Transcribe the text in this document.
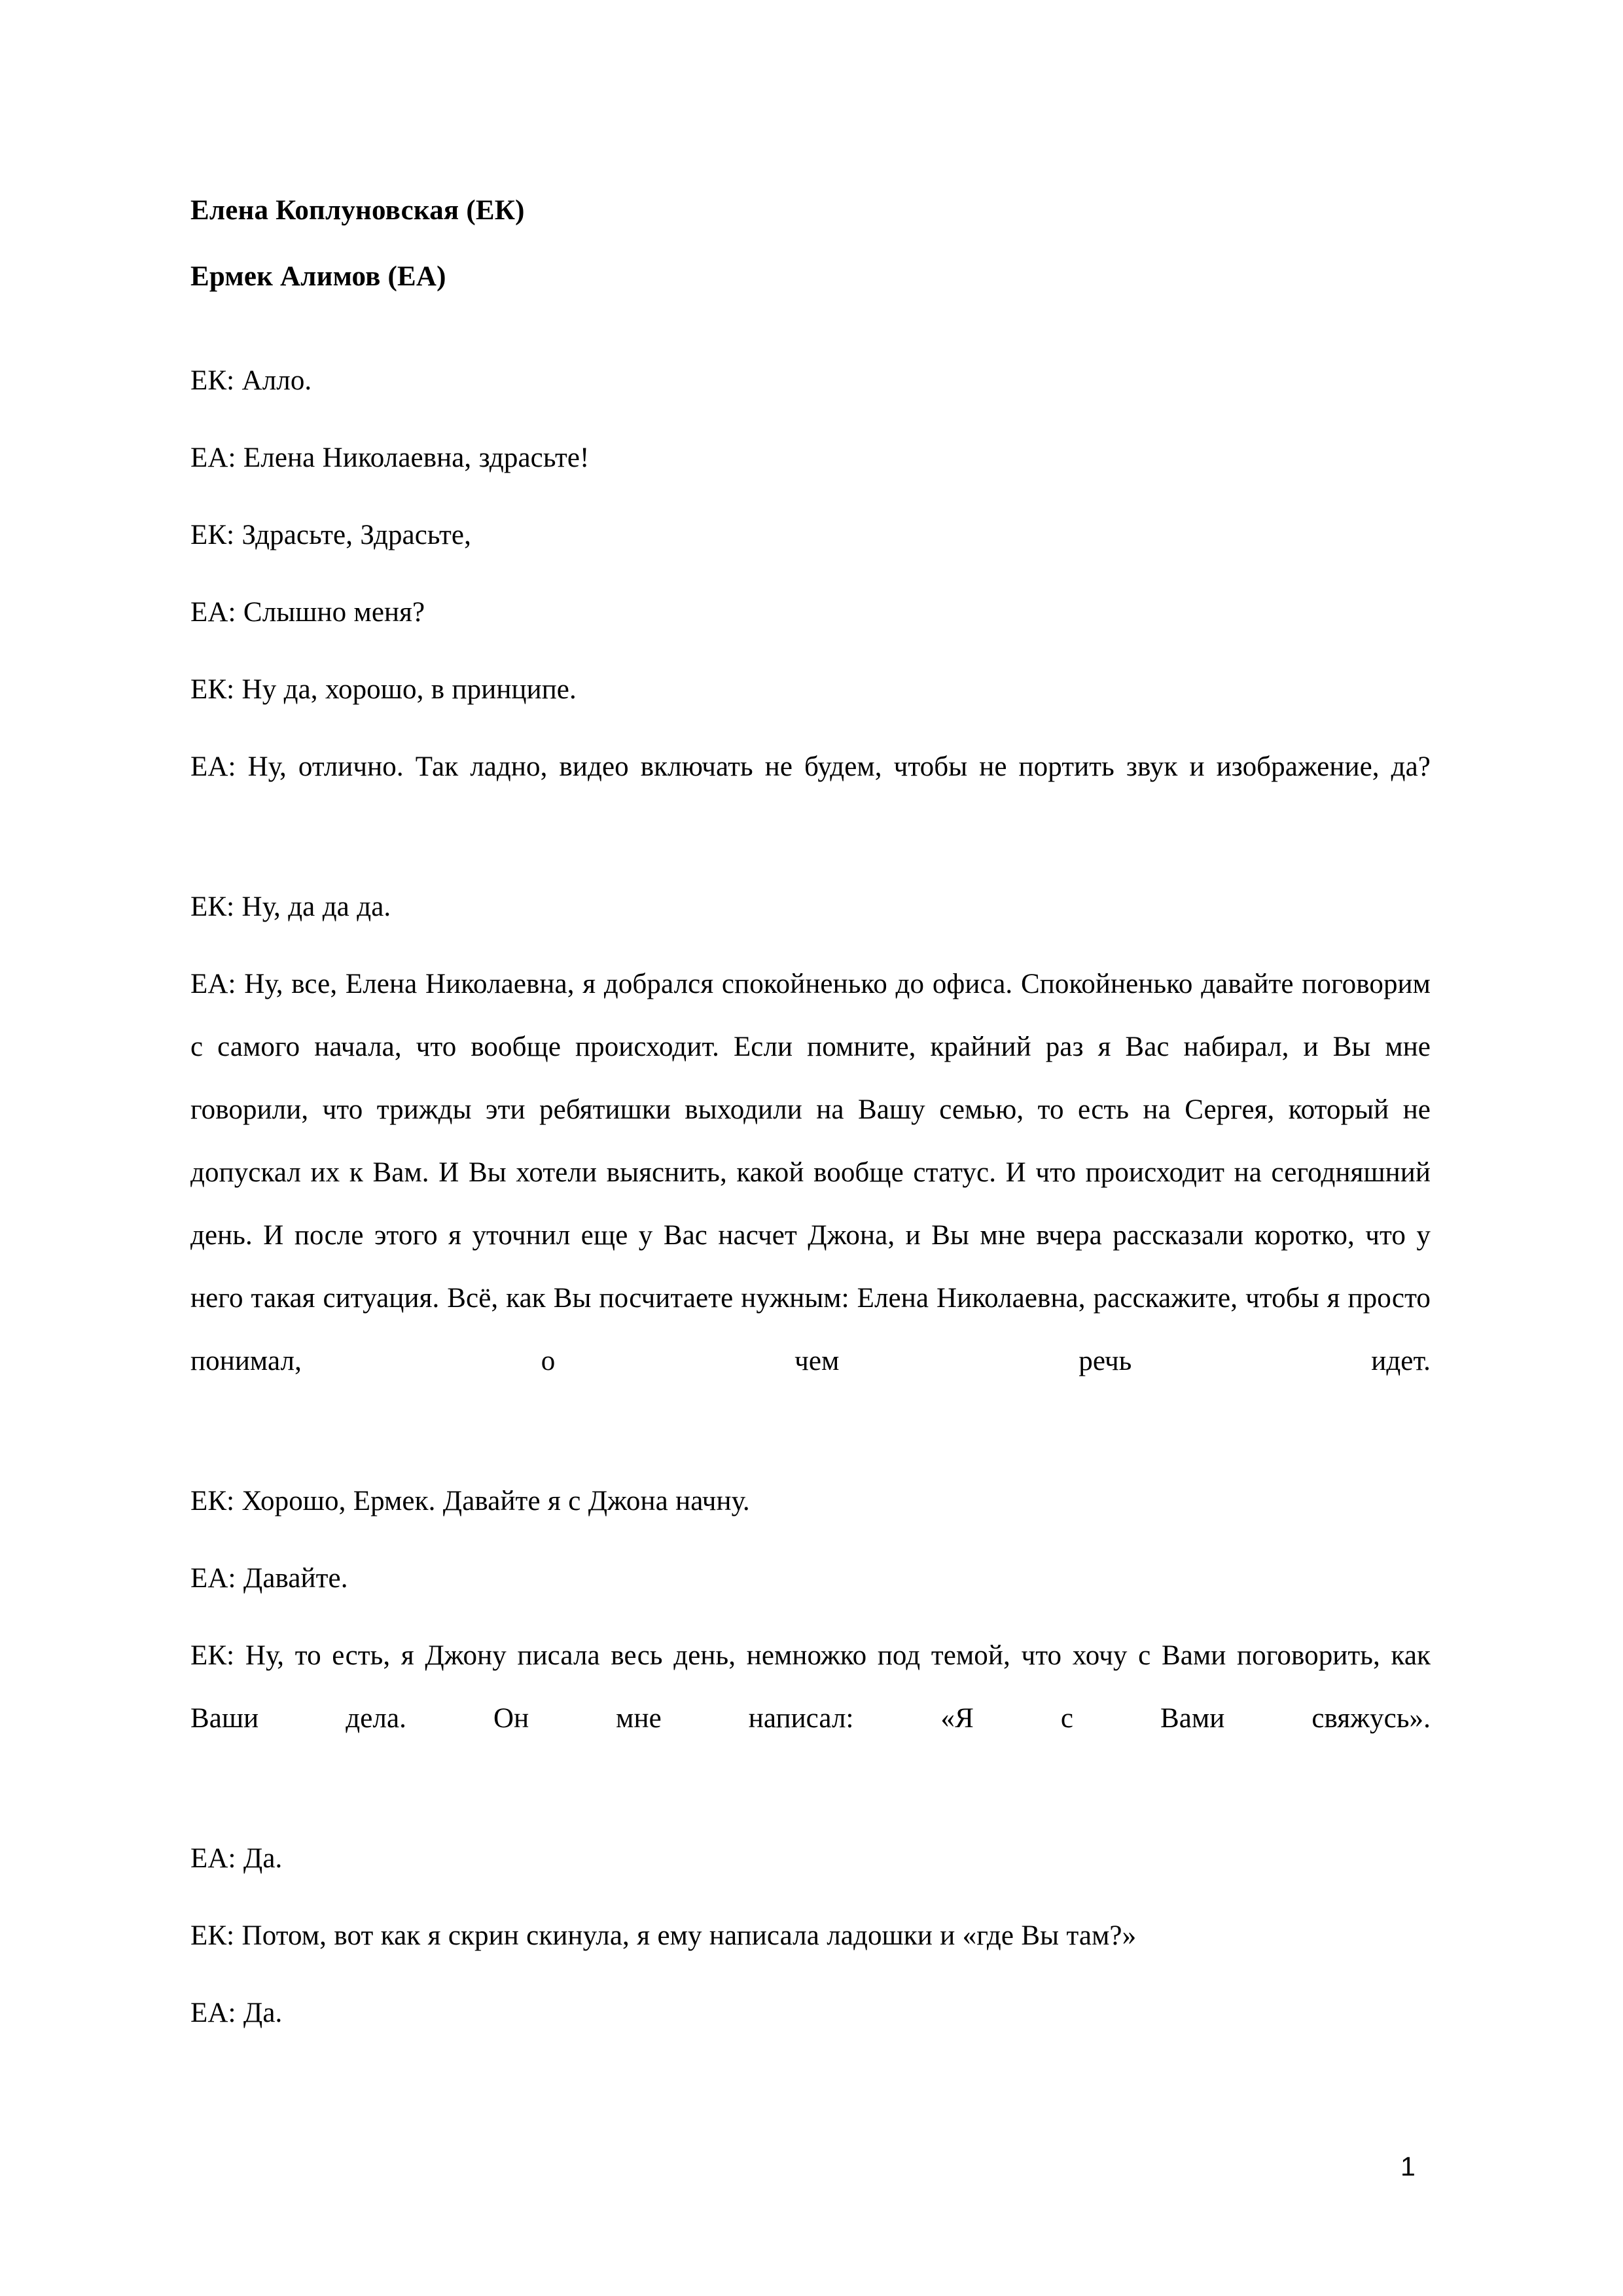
Елена Коплуновская (ЕК)
Ермек Алимов (ЕА)

ЕК: Алло.

ЕА: Елена Николаевна, здрасьте!

ЕК: Здрасьте, Здрасьте,

ЕА: Слышно меня?

ЕК: Ну да, хорошо, в принципе.

ЕА: Ну, отлично. Так ладно, видео включать не будем, чтобы не портить звук и изображение, да?

ЕК: Ну, да да да.

ЕА: Ну, все, Елена Николаевна, я добрался спокойненько до офиса. Спокойненько давайте поговорим с самого начала, что вообще происходит. Если помните, крайний раз я Вас набирал, и Вы мне говорили, что трижды эти ребятишки выходили на Вашу семью, то есть на Сергея, который не допускал их к Вам. И Вы хотели выяснить, какой вообще статус. И что происходит на сегодняшний день. И после этого я уточнил еще у Вас насчет Джона, и Вы мне вчера рассказали коротко, что у него такая ситуация. Всё, как Вы посчитаете нужным: Елена Николаевна, расскажите, чтобы я просто понимал, о чем речь идет.

ЕК: Хорошо, Ермек. Давайте я с Джона начну.

ЕА: Давайте.

ЕК: Ну, то есть, я Джону писала весь день, немножко под темой, что хочу с Вами поговорить, как Ваши дела. Он мне написал: «Я с Вами свяжусь».

ЕА: Да.

ЕК: Потом, вот как я скрин скинула, я ему написала ладошки и «где Вы там?»

ЕА: Да.

1
